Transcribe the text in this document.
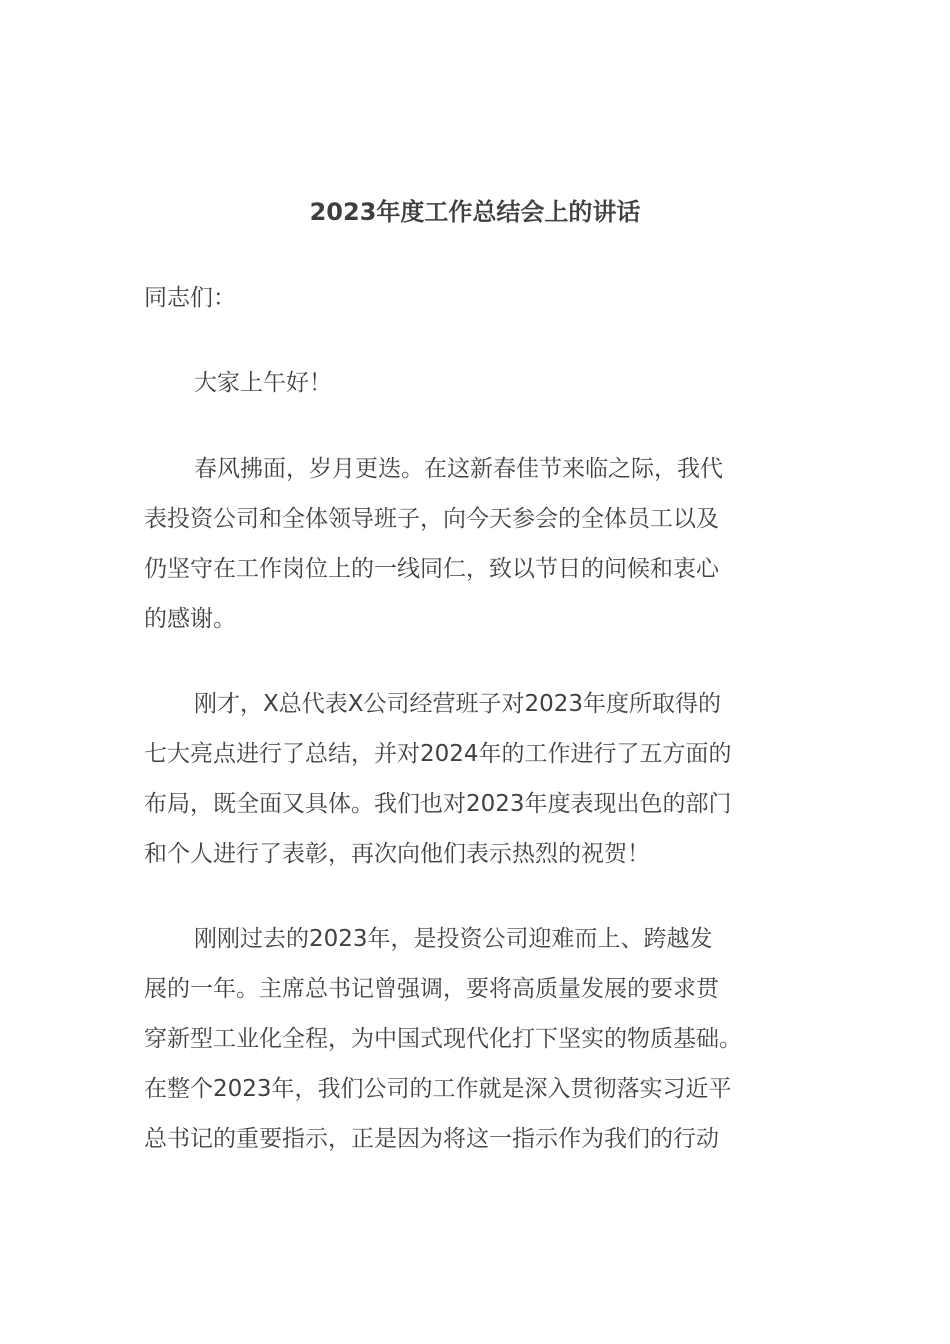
2023年度工作总结会上的讲话

同志们：

大家上午好！
春风拂面，岁月更迭。在这新春佳节来临之际，我代
表投资公司和全体领导班子，向今天参会的全体员工以及
仍坚守在工作岗位上的一线同仁，致以节日的问候和衷心
的感谢。
刚才，X总代表X公司经营班子对2023年度所取得的
七大亮点进行了总结，并对2024年的工作进行了五方面的
布局，既全面又具体。我们也对2023年度表现出色的部门
和个人进行了表彰，再次向他们表示热烈的祝贺！
刚刚过去的2023年，是投资公司迎难而上、跨越发
展的一年。主席总书记曾强调，要将高质量发展的要求贯
穿新型工业化全程，为中国式现代化打下坚实的物质基础。
在整个2023年，我们公司的工作就是深入贯彻落实习近平
总书记的重要指示，正是因为将这一指示作为我们的行动
